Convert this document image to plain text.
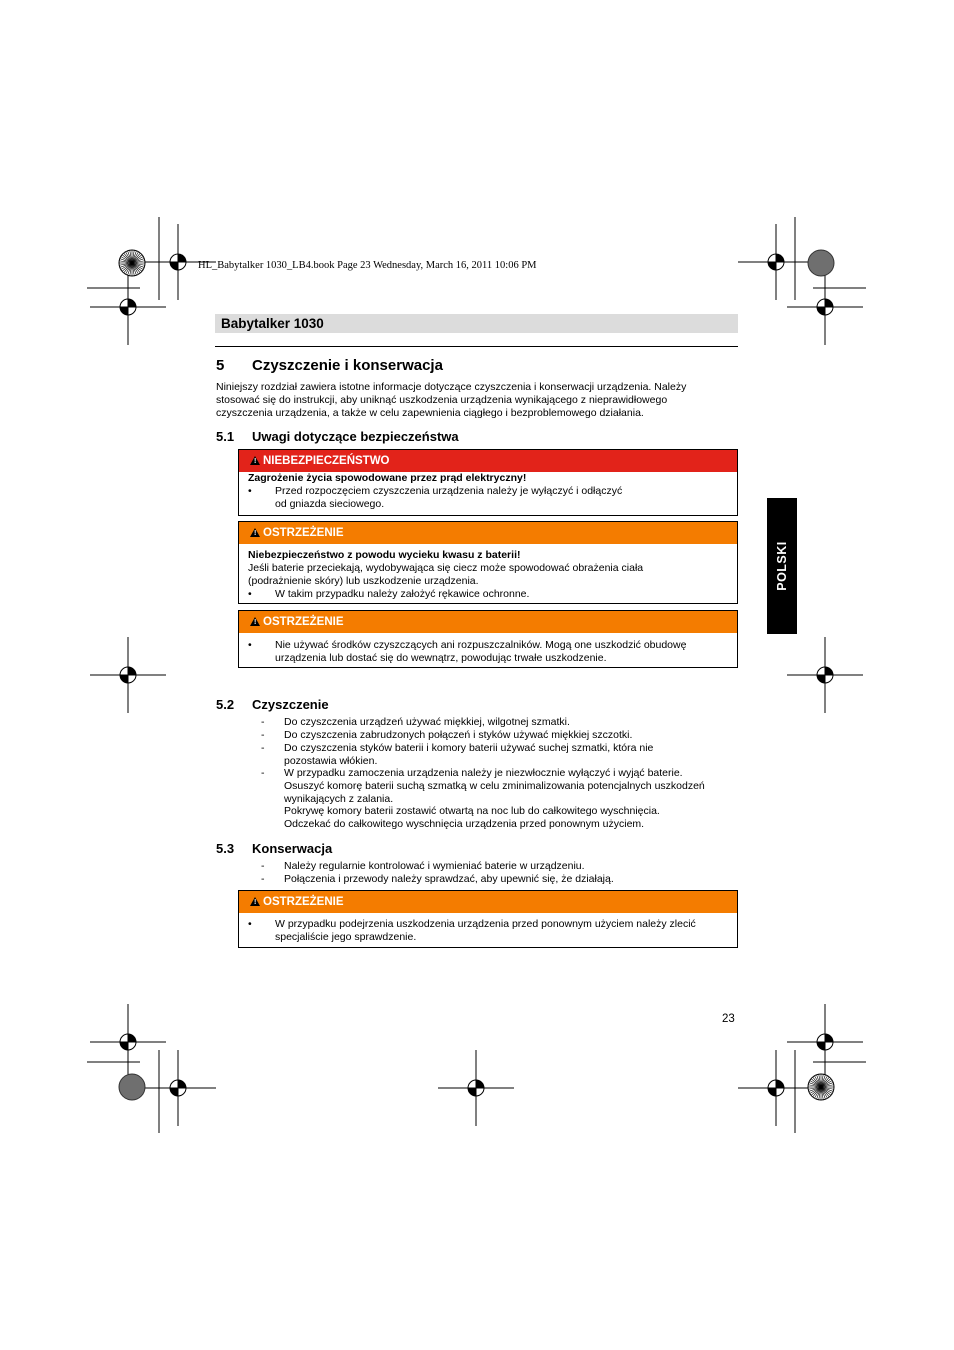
HL_Babytalker 1030_LB4.book Page 23 Wednesday, March 16, 2011 10:06 PM
Babytalker 1030
5 Czyszczenie i konserwacja
Niniejszy rozdział zawiera istotne informacje dotyczące czyszczenia i konserwacji urządzenia. Należy
stosować się do instrukcji, aby uniknąć uszkodzenia urządzenia wynikającego z nieprawidłowego
czyszczenia urządzenia, a także w celu zapewnienia ciągłego i bezproblemowego działania.
5.1 Uwagi dotyczące bezpieczeństwa
! NIEBEZPIECZEŃSTWO
Zagrożenie życia spowodowane przez prąd elektryczny!
• Przed rozpoczęciem czyszczenia urządzenia należy je wyłączyć i odłączyć
od gniazda sieciowego.
! OSTRZEŻENIE
Niebezpieczeństwo z powodu wycieku kwasu z baterii!
Jeśli baterie przeciekają, wydobywająca się ciecz może spowodować obrażenia ciała
(podrażnienie skóry) lub uszkodzenie urządzenia.
• W takim przypadku należy założyć rękawice ochronne.
! OSTRZEŻENIE
• Nie używać środków czyszczących ani rozpuszczalników. Mogą one uszkodzić obudowę
urządzenia lub dostać się do wewnątrz, powodując trwałe uszkodzenie.
5.2 Czyszczenie
- Do czyszczenia urządzeń używać miękkiej, wilgotnej szmatki.
- Do czyszczenia zabrudzonych połączeń i styków używać miękkiej szczotki.
- Do czyszczenia styków baterii i komory baterii używać suchej szmatki, która nie
pozostawia włókien.
- W przypadku zamoczenia urządzenia należy je niezwłocznie wyłączyć i wyjąć baterie.
Osuszyć komorę baterii suchą szmatką w celu zminimalizowania potencjalnych uszkodzeń
wynikających z zalania.
Pokrywę komory baterii zostawić otwartą na noc lub do całkowitego wyschnięcia.
Odczekać do całkowitego wyschnięcia urządzenia przed ponownym użyciem.
5.3 Konserwacja
- Należy regularnie kontrolować i wymieniać baterie w urządzeniu.
- Połączenia i przewody należy sprawdzać, aby upewnić się, że działają.
! OSTRZEŻENIE
• W przypadku podejrzenia uszkodzenia urządzenia przed ponownym użyciem należy zlecić
specjaliście jego sprawdzenie.
POLSKI
23
